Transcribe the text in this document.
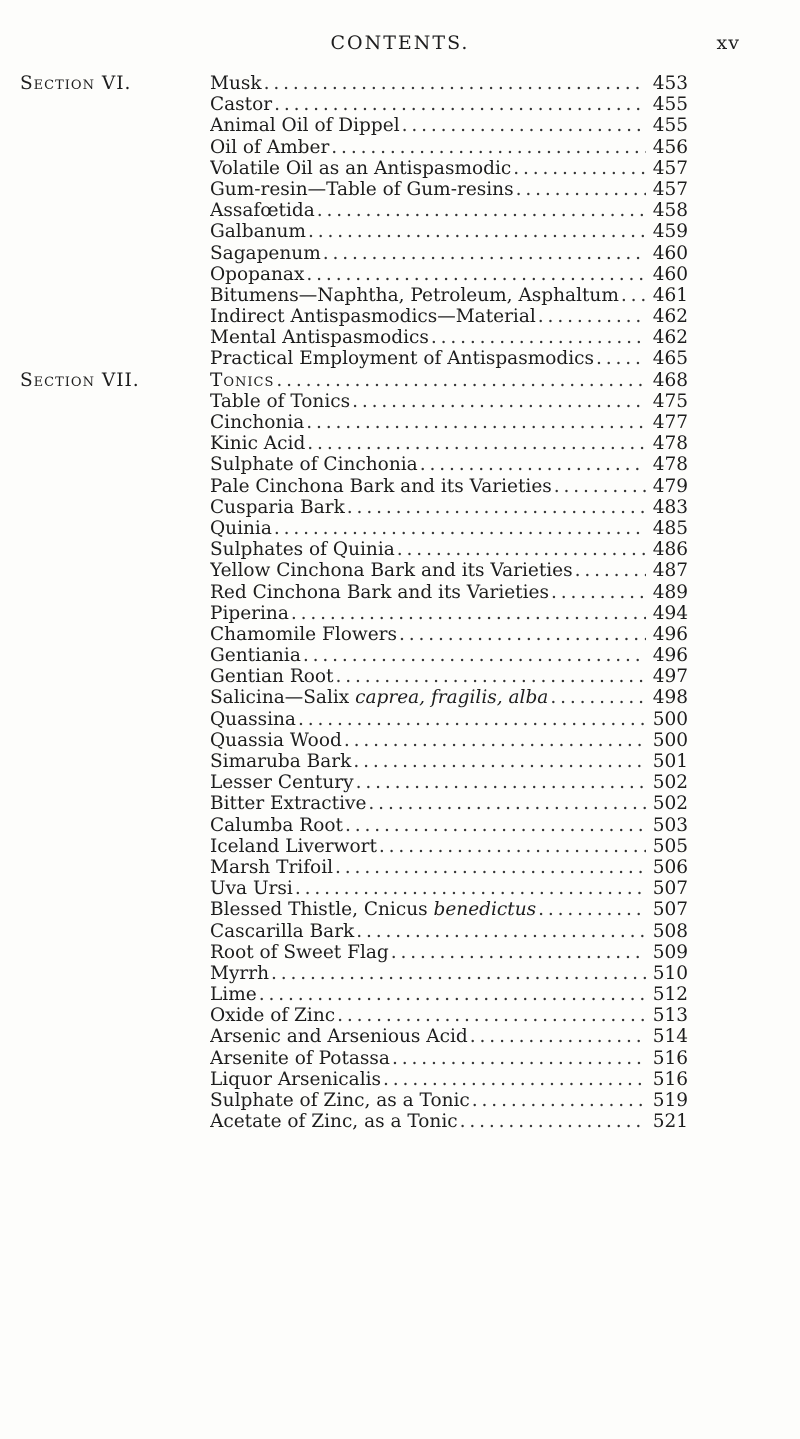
CONTENTS.	xv
Section VI.	Musk . . .	453
Castor . . .	455
Animal Oil of Dippel . . .	455
Oil of Amber . . .	456
Volatile Oil as an Antispasmodic . . .	457
Gum-resin—Table of Gum-resins . . .	457
Assafœtida . . .	458
Galbanum . . .	459
Sagapenum . . .	460
Opopanax . . .	460
Bitumens—Naphtha, Petroleum, Asphaltum . . .	461
Indirect Antispasmodics—Material . . .	462
Mental Antispasmodics . . .	462
Practical Employment of Antispasmodics . . .	465
Section VII.	Tonics . . .	468
Table of Tonics . . .	475
Cinchonia . . .	477
Kinic Acid . . .	478
Sulphate of Cinchonia . . .	478
Pale Cinchona Bark and its Varieties . . .	479
Cusparia Bark . . .	483
Quinia . . .	485
Sulphates of Quinia . . .	486
Yellow Cinchona Bark and its Varieties . . .	487
Red Cinchona Bark and its Varieties . . .	489
Piperina . . .	494
Chamomile Flowers . . .	496
Gentiania . . .	496
Gentian Root . . .	497
Salicina—Salix caprea, fragilis, alba . . .	498
Quassina . . .	500
Quassia Wood . . .	500
Simaruba Bark . . .	501
Lesser Century . . .	502
Bitter Extractive . . .	502
Calumba Root . . .	503
Iceland Liverwort . . .	505
Marsh Trifoil . . .	506
Uva Ursi . . .	507
Blessed Thistle, Cnicus benedictus . . .	507
Cascarilla Bark . . .	508
Root of Sweet Flag . . .	509
Myrrh . . .	510
Lime . . .	512
Oxide of Zinc . . .	513
Arsenic and Arsenious Acid . . .	514
Arsenite of Potassa . . .	516
Liquor Arsenicalis . . .	516
Sulphate of Zinc, as a Tonic . . .	519
Acetate of Zinc, as a Tonic . . .	521
